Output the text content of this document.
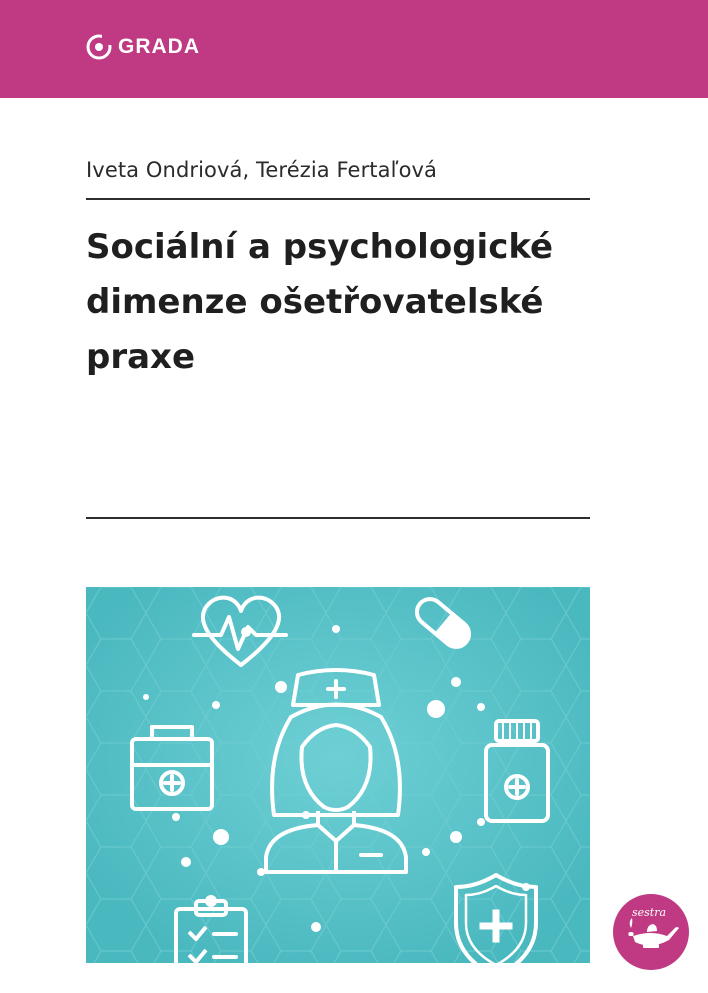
GRADA
Iveta Ondriová, Terézia Fertaľová
Sociální a psychologické
dimenze ošetřovatelské
praxe
sestra
